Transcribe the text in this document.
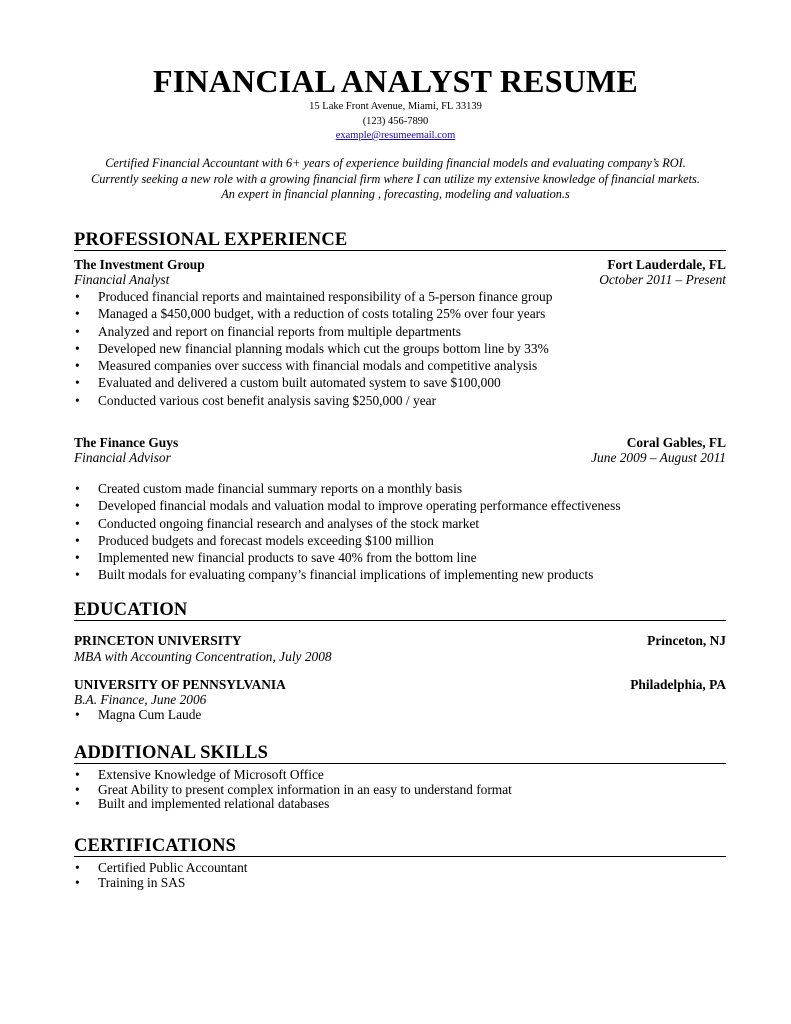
FINANCIAL ANALYST RESUME
15 Lake Front Avenue, Miami, FL 33139
(123) 456-7890
example@resumeemail.com
Certified Financial Accountant with 6+ years of experience building financial models and evaluating company’s ROI.
Currently seeking a new role with a growing financial firm where I can utilize my extensive knowledge of financial markets.
An expert in financial planning , forecasting, modeling and valuation.s
PROFESSIONAL EXPERIENCE
The Investment Group	Fort Lauderdale, FL
Financial Analyst	October 2011 – Present
• Produced financial reports and maintained responsibility of a 5-person finance group
• Managed a $450,000 budget, with a reduction of costs totaling 25% over four years
• Analyzed and report on financial reports from multiple departments
• Developed new financial planning modals which cut the groups bottom line by 33%
• Measured companies over success with financial modals and competitive analysis
• Evaluated and delivered a custom built automated system to save $100,000
• Conducted various cost benefit analysis saving $250,000 / year
The Finance Guys	Coral Gables, FL
Financial Advisor	June 2009 – August 2011
• Created custom made financial summary reports on a monthly basis
• Developed financial modals and valuation modal to improve operating performance effectiveness
• Conducted ongoing financial research and analyses of the stock market
• Produced budgets and forecast models exceeding $100 million
• Implemented new financial products to save 40% from the bottom line
• Built modals for evaluating company’s financial implications of implementing new products
EDUCATION
PRINCETON UNIVERSITY	Princeton, NJ
MBA with Accounting Concentration, July 2008
UNIVERSITY OF PENNSYLVANIA	Philadelphia, PA
B.A. Finance, June 2006
• Magna Cum Laude
ADDITIONAL SKILLS
• Extensive Knowledge of Microsoft Office
• Great Ability to present complex information in an easy to understand format
• Built and implemented relational databases
CERTIFICATIONS
• Certified Public Accountant
• Training in SAS
